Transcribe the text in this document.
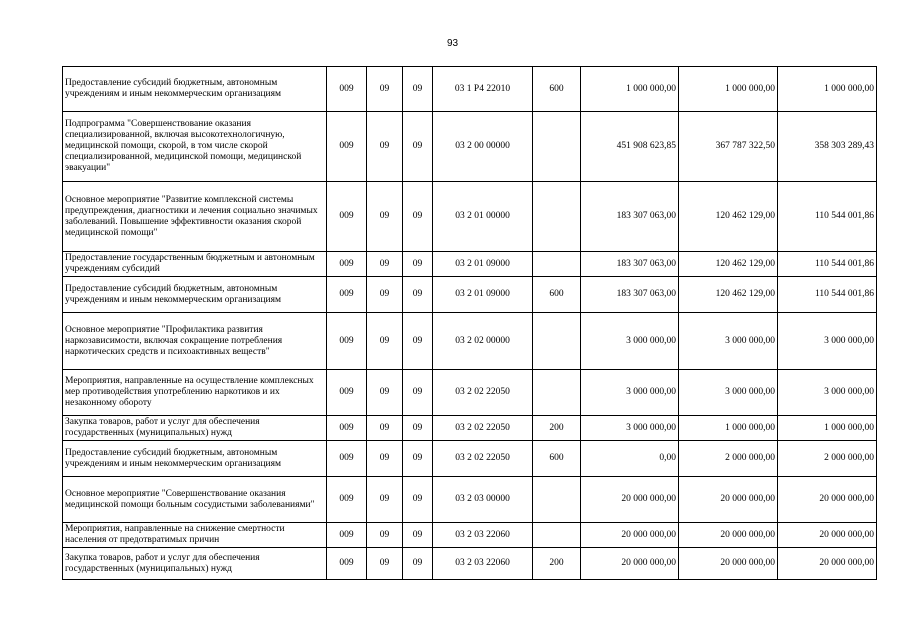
93
Предоставление субсидий бюджетным, автономным учреждениям и иным некоммерческим организациям	009	09	09	03 1 Р4 22010	600	1 000 000,00	1 000 000,00	1 000 000,00
Подпрограмма "Совершенствование оказания специализированной, включая высокотехнологичную, медицинской помощи, скорой, в том числе скорой специализированной, медицинской помощи, медицинской эвакуации"	009	09	09	03 2 00 00000		451 908 623,85	367 787 322,50	358 303 289,43
Основное мероприятие "Развитие комплексной системы предупреждения, диагностики и лечения социально значимых заболеваний. Повышение эффективности оказания скорой медицинской помощи"	009	09	09	03 2 01 00000		183 307 063,00	120 462 129,00	110 544 001,86
Предоставление государственным бюджетным и автономным учреждениям субсидий	009	09	09	03 2 01 09000		183 307 063,00	120 462 129,00	110 544 001,86
Предоставление субсидий бюджетным, автономным учреждениям и иным некоммерческим организациям	009	09	09	03 2 01 09000	600	183 307 063,00	120 462 129,00	110 544 001,86
Основное мероприятие "Профилактика развития наркозависимости, включая сокращение потребления наркотических средств и психоактивных веществ"	009	09	09	03 2 02 00000		3 000 000,00	3 000 000,00	3 000 000,00
Мероприятия, направленные на осуществление комплексных мер противодействия употреблению наркотиков и их незаконному обороту	009	09	09	03 2 02 22050		3 000 000,00	3 000 000,00	3 000 000,00
Закупка товаров, работ и услуг для обеспечения государственных (муниципальных) нужд	009	09	09	03 2 02 22050	200	3 000 000,00	1 000 000,00	1 000 000,00
Предоставление субсидий бюджетным, автономным учреждениям и иным некоммерческим организациям	009	09	09	03 2 02 22050	600	0,00	2 000 000,00	2 000 000,00
Основное мероприятие "Совершенствование оказания медицинской помощи больным сосудистыми заболеваниями"	009	09	09	03 2 03 00000		20 000 000,00	20 000 000,00	20 000 000,00
Мероприятия, направленные на снижение смертности населения от предотвратимых причин	009	09	09	03 2 03 22060		20 000 000,00	20 000 000,00	20 000 000,00
Закупка товаров, работ и услуг для обеспечения государственных (муниципальных) нужд	009	09	09	03 2 03 22060	200	20 000 000,00	20 000 000,00	20 000 000,00
